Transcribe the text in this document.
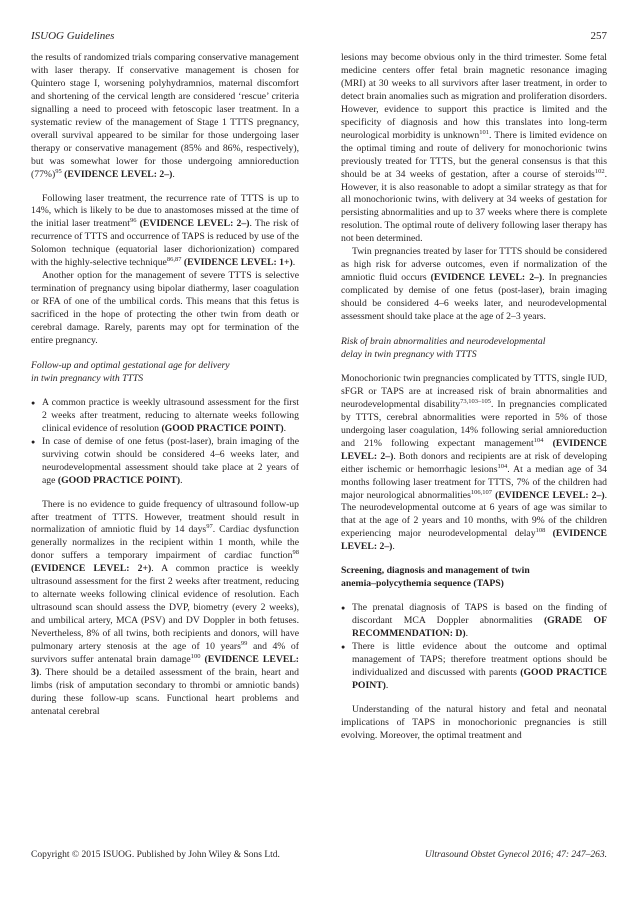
ISUOG Guidelines	257

the results of randomized trials comparing conservative management with laser therapy. If conservative management is chosen for Quintero stage I, worsening polyhydramnios, maternal discomfort and shortening of the cervical length are considered ‘rescue’ criteria signalling a need to proceed with fetoscopic laser treatment. In a systematic review of the management of Stage 1 TTTS pregnancy, overall survival appeared to be similar for those undergoing laser therapy or conservative management (85% and 86%, respectively), but was somewhat lower for those undergoing amnioreduction $(77\%)^{95}$ (EVIDENCE LEVEL: 2–).

Following laser treatment, the recurrence rate of TTTS is up to 14%, which is likely to be due to anastomoses missed at the time of the initial laser treatment$^{96}$ (EVIDENCE LEVEL: 2–). The risk of recurrence of TTTS and occurrence of TAPS is reduced by use of the Solomon technique (equatorial laser dichorionization) compared with the highly-selective technique$^{86,87}$ (EVIDENCE LEVEL: 1+).

Another option for the management of severe TTTS is selective termination of pregnancy using bipolar diathermy, laser coagulation or RFA of one of the umbilical cords. This means that this fetus is sacrificed in the hope of protecting the other twin from death or cerebral damage. Rarely, parents may opt for termination of the entire pregnancy.

Follow-up and optimal gestational age for delivery
in twin pregnancy with TTTS
● A common practice is weekly ultrasound assessment for the first 2 weeks after treatment, reducing to alternate weeks following clinical evidence of resolution (GOOD PRACTICE POINT).
● In case of demise of one fetus (post-laser), brain imaging of the surviving cotwin should be considered 4–6 weeks later, and neurodevelopmental assessment should take place at 2 years of age (GOOD PRACTICE POINT).

There is no evidence to guide frequency of ultrasound follow-up after treatment of TTTS. However, treatment should result in normalization of amniotic fluid by 14 days$^{97}$. Cardiac dysfunction generally normalizes in the recipient within 1 month, while the donor suffers a temporary impairment of cardiac function$^{98}$ (EVIDENCE LEVEL: 2+). A common practice is weekly ultrasound assessment for the first 2 weeks after treatment, reducing to alternate weeks following clinical evidence of resolution. Each ultrasound scan should assess the DVP, biometry (every 2 weeks), and umbilical artery, MCA (PSV) and DV Doppler in both fetuses. Nevertheless, 8% of all twins, both recipients and donors, will have pulmonary artery stenosis at the age of 10 years$^{99}$ and 4% of survivors suffer antenatal brain damage$^{100}$ (EVIDENCE LEVEL: 3). There should be a detailed assessment of the brain, heart and limbs (risk of amputation secondary to thrombi or amniotic bands) during these follow-up scans. Functional heart problems and antenatal cerebral

lesions may become obvious only in the third trimester. Some fetal medicine centers offer fetal brain magnetic resonance imaging (MRI) at 30 weeks to all survivors after laser treatment, in order to detect brain anomalies such as migration and proliferation disorders. However, evidence to support this practice is limited and the specificity of diagnosis and how this translates into long-term neurological morbidity is unknown$^{101}$. There is limited evidence on the optimal timing and route of delivery for monochorionic twins previously treated for TTTS, but the general consensus is that this should be at 34 weeks of gestation, after a course of steroids$^{102}$. However, it is also reasonable to adopt a similar strategy as that for all monochorionic twins, with delivery at 34 weeks of gestation for persisting abnormalities and up to 37 weeks where there is complete resolution. The optimal route of delivery following laser therapy has not been determined.

Twin pregnancies treated by laser for TTTS should be considered as high risk for adverse outcomes, even if normalization of the amniotic fluid occurs (EVIDENCE LEVEL: 2–). In pregnancies complicated by demise of one fetus (post-laser), brain imaging should be considered 4–6 weeks later, and neurodevelopmental assessment should take place at the age of 2–3 years.

Risk of brain abnormalities and neurodevelopmental
delay in twin pregnancy with TTTS

Monochorionic twin pregnancies complicated by TTTS, single IUD, sFGR or TAPS are at increased risk of brain abnormalities and neurodevelopmental disability$^{73,103-105}$. In pregnancies complicated by TTTS, cerebral abnormalities were reported in 5% of those undergoing laser coagulation, 14% following serial amnioreduction and 21% following expectant management$^{104}$ (EVIDENCE LEVEL: 2–). Both donors and recipients are at risk of developing either ischemic or hemorrhagic lesions$^{104}$. At a median age of 34 months following laser treatment for TTTS, 7% of the children had major neurological abnormalities$^{106,107}$ (EVIDENCE LEVEL: 2–). The neurodevelopmental outcome at 6 years of age was similar to that at the age of 2 years and 10 months, with 9% of the children experiencing major neurodevelopmental delay$^{108}$ (EVIDENCE LEVEL: 2–).

Screening, diagnosis and management of twin
anemia–polycythemia sequence (TAPS)
● The prenatal diagnosis of TAPS is based on the finding of discordant MCA Doppler abnormalities (GRADE OF RECOMMENDATION: D).
● There is little evidence about the outcome and optimal management of TAPS; therefore treatment options should be individualized and discussed with parents (GOOD PRACTICE POINT).

Understanding of the natural history and fetal and neonatal implications of TAPS in monochorionic pregnancies is still evolving. Moreover, the optimal treatment and

Copyright © 2015 ISUOG. Published by John Wiley & Sons Ltd.	Ultrasound Obstet Gynecol 2016; 47: 247–263.
